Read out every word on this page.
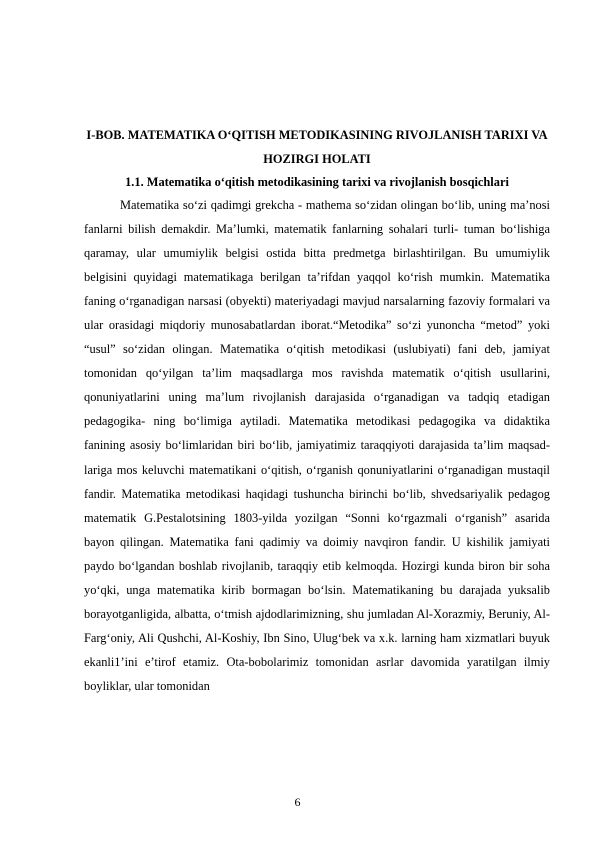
I-BOB. MATEMATIKA O‘QITISH METODIKASINING RIVOJLANISH TARIXI VA HOZIRGI HOLATI

1.1. Matematika o‘qitish metodikasining tarixi va rivojlanish bosqichlari

Matematika so‘zi qadimgi grekcha - mathema so‘zidan olingan bo‘lib, uning ma’nosi fanlarni bilish demakdir. Ma’lumki, matematik fanlarning sohalari turli- tuman bo‘lishiga qaramay, ular umumiylik belgisi ostida bitta predmetga birlashtirilgan. Bu umumiylik belgisini quyidagi matematikaga berilgan ta’rifdan yaqqol ko‘rish mumkin. Matematika faning o‘rganadigan narsasi (obyekti) materiyadagi mavjud narsalarning fazoviy formalari va ular orasidagi miqdoriy munosabatlardan iborat.“Metodika” so‘zi yunoncha “metod” yoki “usul” so‘zidan olingan. Matematika o‘qitish metodikasi (uslubiyati) fani deb, jamiyat tomonidan qo‘yilgan ta’lim maqsadlarga mos ravishda matematik o‘qitish usullarini, qonuniyatlarini uning ma’lum rivojlanish darajasida o‘rganadigan va tadqiq etadigan pedagogika- ning bo‘limiga aytiladi. Matematika metodikasi pedagogika va didaktika fanining asosiy bo‘limlaridan biri bo‘lib, jamiyatimiz taraqqiyoti darajasida ta’lim maqsad- lariga mos keluvchi matematikani o‘qitish, o‘rganish qonuniyatlarini o‘rganadigan mustaqil fandir. Matematika metodikasi haqidagi tushuncha birinchi bo‘lib, shvedsariyalik pedagog matematik G.Pestalotsining 1803-yilda yozilgan “Sonni ko‘rgazmali o‘rganish” asarida bayon qilingan. Matematika fani qadimiy va doimiy navqiron fandir. U kishilik jamiyati paydo bo‘lgandan boshlab rivojlanib, taraqqiy etib kelmoqda. Hozirgi kunda biron bir soha yo‘qki, unga matematika kirib bormagan bo‘lsin. Matematikaning bu darajada yuksalib borayotganligida, albatta, o‘tmish ajdodlarimizning, shu jumladan Al-Xorazmiy, Beruniy, Al-Farg‘oniy, Ali Qushchi, Al-Koshiy, Ibn Sino, Ulug‘bek va x.k. larning ham xizmatlari buyuk ekanli1’ini e’tirof etamiz. Ota-bobolarimiz tomonidan asrlar davomida yaratilgan ilmiy boyliklar, ular tomonidan

6
